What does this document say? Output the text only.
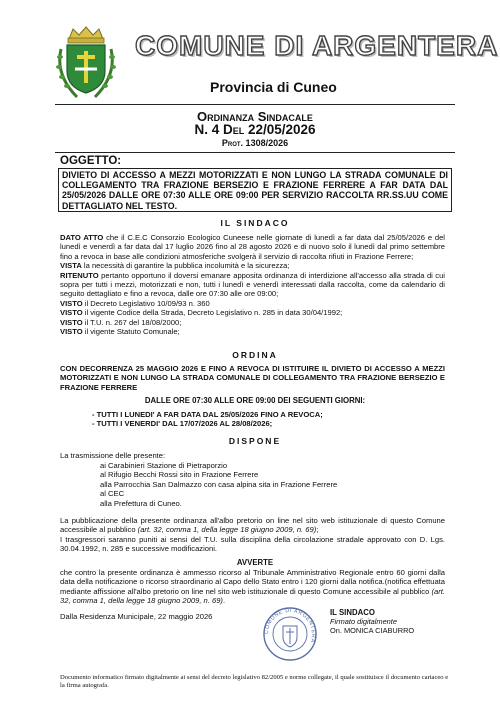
COMUNE DI ARGENTERA
Provincia di Cuneo
Ordinanza Sindacale
N. 4 Del 22/05/2026
Prot. 1308/2026
OGGETTO:
DIVIETO DI ACCESSO A MEZZI MOTORIZZATI E NON LUNGO LA STRADA COMUNALE DI COLLEGAMENTO TRA FRAZIONE BERSEZIO E FRAZIONE FERRERE A FAR DATA DAL 25/05/2026 DALLE ORE 07:30 ALLE ORE 09:00 PER SERVIZIO RACCOLTA RR.SS.UU COME DETTAGLIATO NEL TESTO.
IL SINDACO
DATO ATTO che il C.E.C Consorzio Ecologico Cuneese nelle giornate di lunedì a far data dal 25/05/2026 e del lunedì e venerdì a far data dal 17 luglio 2026 fino al 28 agosto 2026 e di nuovo solo il lunedì dal primo settembre fino a revoca in base alle condizioni atmosferiche svolgerà il servizio di raccolta rifiuti in Frazione Ferrere;
VISTA la necessità di garantire la pubblica incolumità e la sicurezza;
RITENUTO pertanto opportuno il doversi emanare apposita ordinanza di interdizione all'accesso alla strada di cui sopra per tutti i mezzi, motorizzati e non, tutti i lunedì e venerdì interessati dalla raccolta, come da calendario di seguito dettagliato e fino a revoca, dalle ore 07:30 alle ore 09:00;
VISTO il Decreto Legislativo 10/09/93 n. 360
VISTO il vigente Codice della Strada, Decreto Legislativo n. 285 in data 30/04/1992;
VISTO il T.U. n. 267 del 18/08/2000;
VISTO il vigente Statuto Comunale;
ORDINA
CON DECORRENZA 25 MAGGIO 2026 E FINO A REVOCA DI ISTITUIRE IL DIVIETO DI ACCESSO A MEZZI MOTORIZZATI E NON LUNGO LA STRADA COMUNALE DI COLLEGAMENTO TRA FRAZIONE BERSEZIO E FRAZIONE FERRERE
DALLE ORE 07:30 ALLE ORE 09:00 DEI SEGUENTI GIORNI:
- TUTTI I LUNEDI' A FAR DATA DAL 25/05/2026 FINO A REVOCA;
- TUTTI I VENERDI' DAL 17/07/2026 AL 28/08/2026;
DISPONE
La trasmissione delle presente:
ai Carabinieri Stazione di Pietraporzio
al Rifugio Becchi Rossi sito in Frazione Ferrere
alla Parrocchia San Dalmazzo con casa alpina sita in Frazione Ferrere
al CEC
alla Prefettura di Cuneo.
La pubblicazione della presente ordinanza all'albo pretorio on line nel sito web istituzionale di questo Comune accessibile al pubblico (art. 32, comma 1, della legge 18 giugno 2009, n. 69);
I trasgressori saranno puniti ai sensi del T.U. sulla disciplina della circolazione stradale approvato con D. Lgs. 30.04.1992, n. 285 e successive modificazioni.
AVVERTE
che contro la presente ordinanza è ammesso ricorso al Tribunale Amministrativo Regionale entro 60 giorni dalla data della notificazione o ricorso straordinario al Capo dello Stato entro i 120 giorni dalla notifica.(notifica effettuata mediante affissione all'albo pretorio on line nel sito web istituzionale di questo Comune accessibile al pubblico (art. 32, comma 1, della legge 18 giugno 2009, n. 69).
Dalla Residenza Municipale, 22 maggio 2026
COMUNE DI ARGENTERA
IL SINDACO
Firmato digitalmente
On. MONICA CIABURRO
Documento informatico firmato digitalmente ai sensi del decreto legislativo 82/2005 e norme collegate, il quale sostituisce il documento cartaceo e la firma autografa.
